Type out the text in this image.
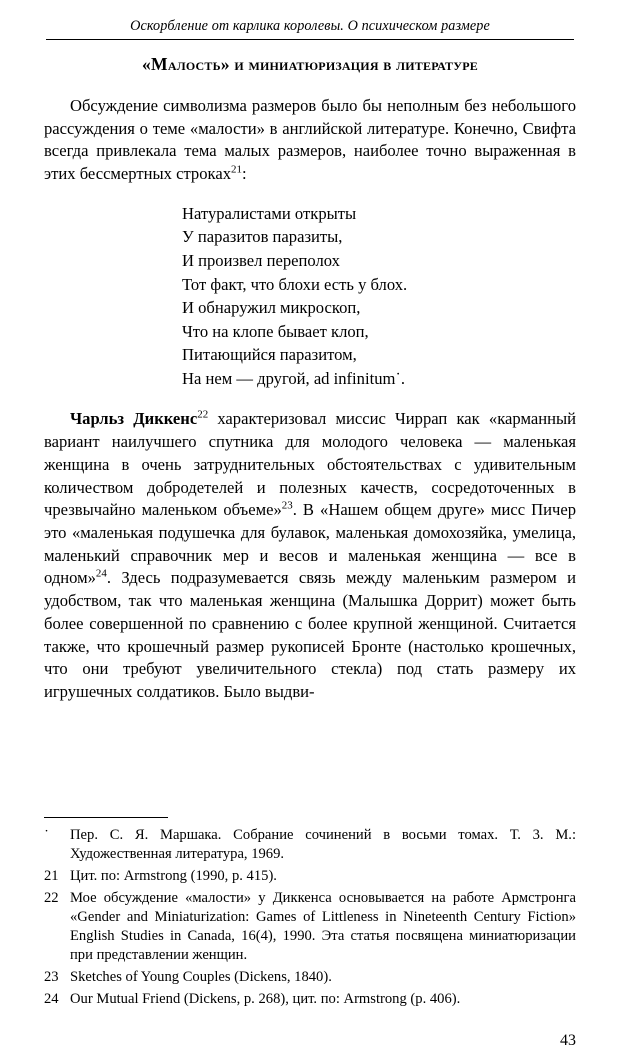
Оскорбление от карлика королевы. О психическом размере
«Малость» и миниатюризация в литературе

Обсуждение символизма размеров было бы неполным без небольшого рассуждения о теме «малости» в английской литературе. Конечно, Свифта всегда привлекала тема малых размеров, наиболее точно выраженная в этих бессмертных строках$^{21}$:

Натуралистами открыты
У паразитов паразиты,
И произвел переполох
Тот факт, что блохи есть у блох.
И обнаружил микроскоп,
Что на клопе бывает клоп,
Питающийся паразитом,
На нем — другой, ad infinitum˙.

Чарльз Диккенс$^{22}$ характеризовал миссис Чиррап как «карманный вариант наилучшего спутника для молодого человека — маленькая женщина в очень затруднительных обстоятельствах с удивительным количеством добродетелей и полезных качеств, сосредоточенных в чрезвычайно маленьком объеме»$^{23}$. В «Нашем общем друге» мисс Пичер это «маленькая подушечка для булавок, маленькая домохозяйка, умелица, маленький справочник мер и весов и маленькая женщина — все в одном»$^{24}$. Здесь подразумевается связь между маленьким размером и удобством, так что маленькая женщина (Малышка Доррит) может быть более совершенной по сравнению с более крупной женщиной. Считается также, что крошечный размер рукописей Бронте (настолько крошечных, что они требуют увеличительного стекла) под стать размеру их игрушечных солдатиков. Было выдви-

˙	Пер. С. Я. Маршака. Собрание сочинений в восьми томах. Т. 3. М.: Художественная литература, 1969.
21 Цит. по: Armstrong (1990, p. 415).
22 Мое обсуждение «малости» у Диккенса основывается на работе Армстронга «Gender and Miniaturization: Games of Littleness in Nineteenth Century Fiction» English Studies in Canada, 16(4), 1990. Эта статья посвящена миниатюризации при представлении женщин.
23 Sketches of Young Couples (Dickens, 1840).
24 Our Mutual Friend (Dickens, p. 268), цит. по: Armstrong (p. 406).
43
